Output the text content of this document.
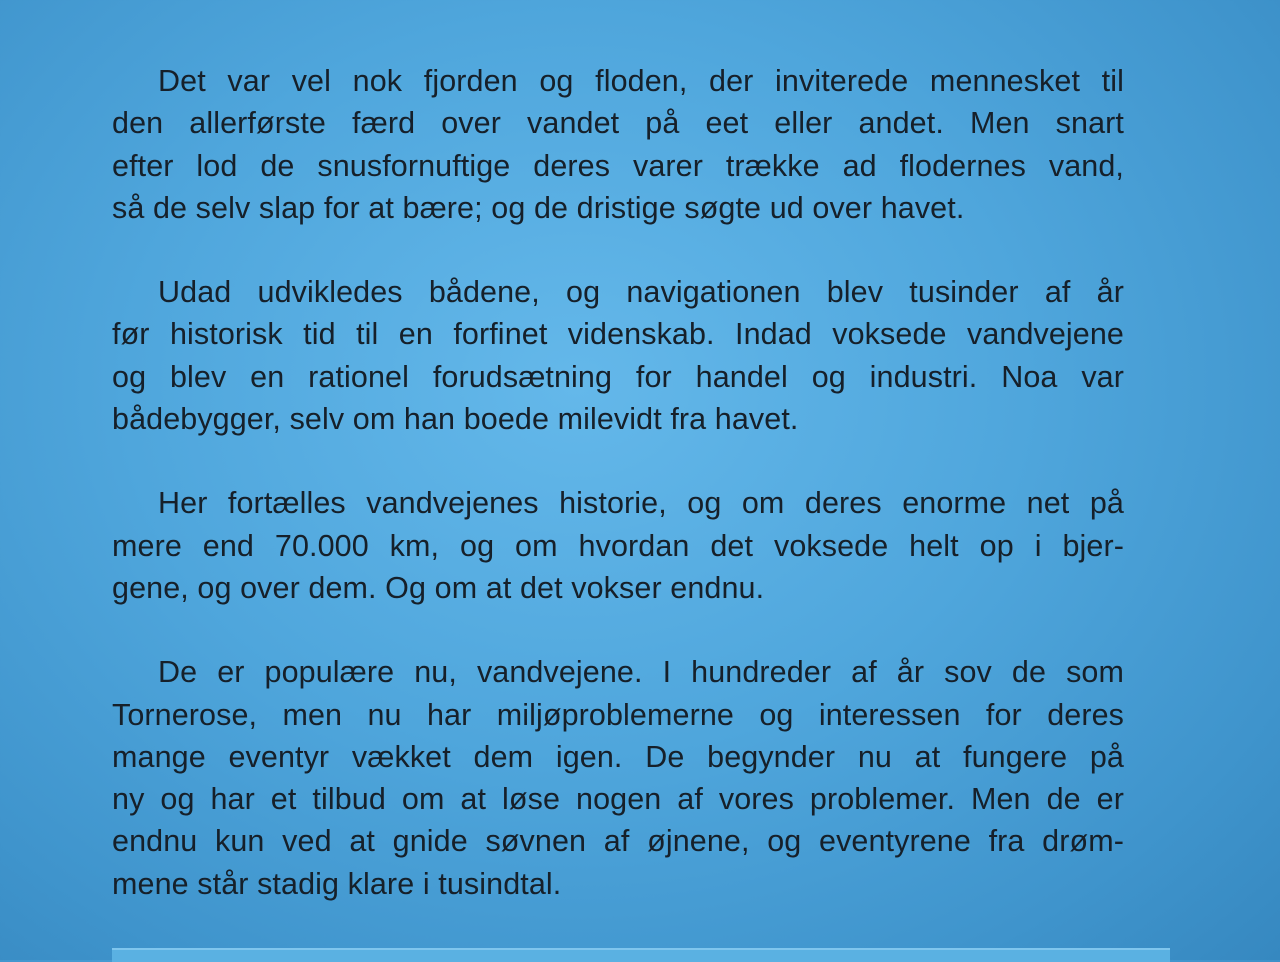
Det var vel nok fjorden og floden, der inviterede mennesket til
den allerførste færd over vandet på eet eller andet. Men snart
efter lod de snusfornuftige deres varer trække ad flodernes vand,
så de selv slap for at bære; og de dristige søgte ud over havet.

Udad udvikledes bådene, og navigationen blev tusinder af år
før historisk tid til en forfinet videnskab. Indad voksede vandvejene
og blev en rationel forudsætning for handel og industri. Noa var
bådebygger, selv om han boede milevidt fra havet.

Her fortælles vandvejenes historie, og om deres enorme net på
mere end 70.000 km, og om hvordan det voksede helt op i bjer-
gene, og over dem. Og om at det vokser endnu.

De er populære nu, vandvejene. I hundreder af år sov de som
Tornerose, men nu har miljøproblemerne og interessen for deres
mange eventyr vækket dem igen. De begynder nu at fungere på
ny og har et tilbud om at løse nogen af vores problemer. Men de er
endnu kun ved at gnide søvnen af øjnene, og eventyrene fra drøm-
mene står stadig klare i tusindtal.
